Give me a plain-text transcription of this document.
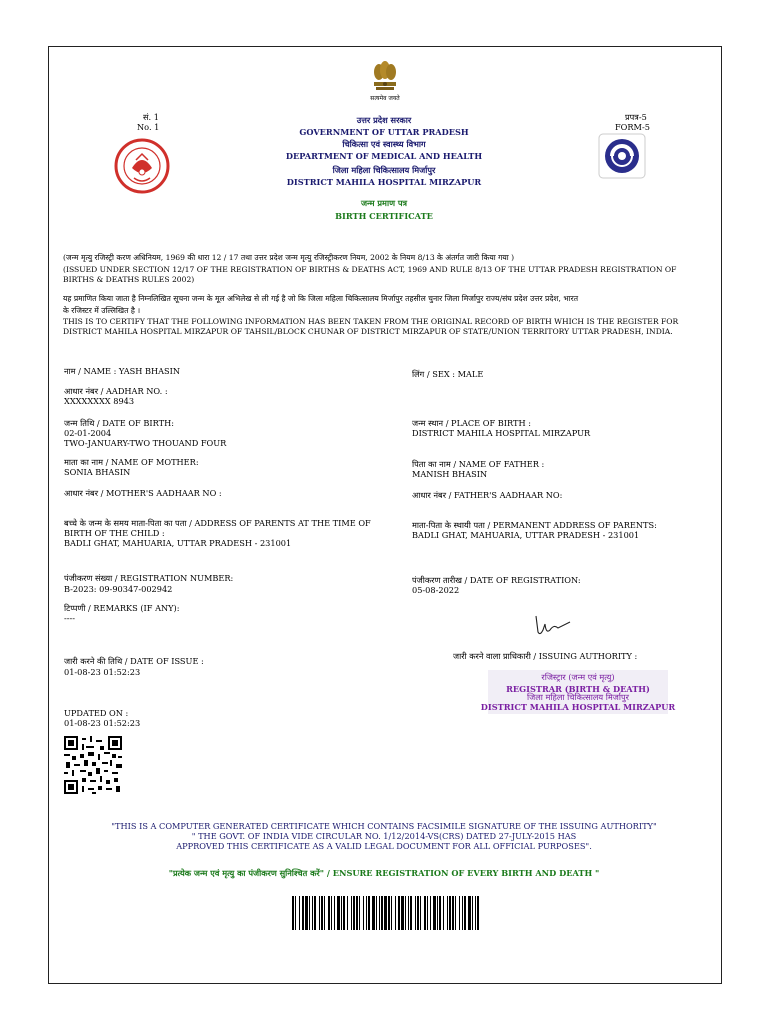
सत्यमेव जयते
सं. 1
No. 1
प्रपत्र-5
FORM-5
उत्तर प्रदेश सरकार
GOVERNMENT OF UTTAR PRADESH
चिकित्सा एवं स्वास्थ्य विभाग
DEPARTMENT OF MEDICAL AND HEALTH
जिला महिला चिकित्सालय मिर्जापुर
DISTRICT MAHILA HOSPITAL MIRZAPUR
जन्म प्रमाण पत्र
BIRTH CERTIFICATE
(जन्म मृत्यु रजिस्ट्री करण अधिनियम, 1969 की धारा 12 / 17 तथा उत्तर प्रदेश जन्म मृत्यु रजिस्ट्रीकरण नियम, 2002 के नियम 8/13 के अंतर्गत जारी किया गया )
(ISSUED UNDER SECTION 12/17 OF THE REGISTRATION OF BIRTHS & DEATHS ACT, 1969 AND RULE 8/13 OF THE UTTAR PRADESH REGISTRATION OF
BIRTHS & DEATHS RULES 2002)
यह प्रमाणित किया जाता है निम्नलिखित सूचना जन्म के मूल अभिलेख से ली गई है जो कि जिला महिला चिकित्सालय मिर्जापुर तहसील चुनार जिला मिर्जापुर राज्य/संघ प्रदेश उत्तर प्रदेश, भारत
के रजिस्टर में उल्लिखित है ।
THIS IS TO CERTIFY THAT THE FOLLOWING INFORMATION HAS BEEN TAKEN FROM THE ORIGINAL RECORD OF BIRTH WHICH IS THE REGISTER FOR
DISTRICT MAHILA HOSPITAL MIRZAPUR OF TAHSIL/BLOCK CHUNAR OF DISTRICT MIRZAPUR OF STATE/UNION TERRITORY UTTAR PRADESH, INDIA.
नाम / NAME : YASH BHASIN
आधार नंबर / AADHAR NO. :
XXXXXXXX 8943
जन्म तिथि / DATE OF BIRTH:
02-01-2004
TWO-JANUARY-TWO THOUAND FOUR
माता का नाम / NAME OF MOTHER:
SONIA BHASIN
आधार नंबर / MOTHER'S AADHAAR NO :
बच्चे के जन्म के समय माता-पिता का पता / ADDRESS OF PARENTS AT THE TIME OF
BIRTH OF THE CHILD :
BADLI GHAT, MAHUARIA, UTTAR PRADESH - 231001
पंजीकरण संख्या / REGISTRATION NUMBER:
B-2023: 09-90347-002942
टिप्पणी / REMARKS (IF ANY):
----
जारी करने की तिथि / DATE OF ISSUE :
01-08-23 01:52:23
UPDATED ON :
01-08-23 01:52:23
लिंग / SEX : MALE
जन्म स्थान / PLACE OF BIRTH :
DISTRICT MAHILA HOSPITAL MIRZAPUR
पिता का नाम / NAME OF FATHER :
MANISH BHASIN
आधार नंबर / FATHER'S AADHAAR NO:
माता-पिता के स्थायी पता / PERMANENT ADDRESS OF PARENTS:
BADLI GHAT, MAHUARIA, UTTAR PRADESH - 231001
पंजीकरण तारीख / DATE OF REGISTRATION:
05-08-2022
जारी करने वाला प्राधिकारी / ISSUING AUTHORITY :
रजिस्ट्रार (जन्म एवं मृत्यु)
REGISTRAR (BIRTH & DEATH)
जिला महिला चिकित्सालय मिर्जापुर
DISTRICT MAHILA HOSPITAL MIRZAPUR
"THIS IS A COMPUTER GENERATED CERTIFICATE WHICH CONTAINS FACSIMILE SIGNATURE OF THE ISSUING AUTHORITY"
" THE GOVT. OF INDIA VIDE CIRCULAR NO. 1/12/2014-VS(CRS) DATED 27-JULY-2015 HAS
APPROVED THIS CERTIFICATE AS A VALID LEGAL DOCUMENT FOR ALL OFFICIAL PURPOSES".
"प्रत्येक जन्म एवं मृत्यु का पंजीकरण सुनिश्चित करें" / ENSURE REGISTRATION OF EVERY BIRTH AND DEATH "
